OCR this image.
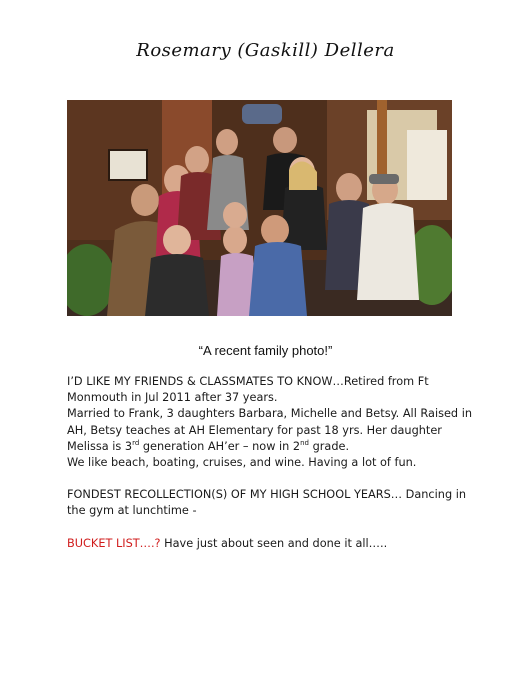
Rosemary (Gaskill) Dellera
“A recent family photo!”

I’D LIKE MY FRIENDS & CLASSMATES TO KNOW…Retired from Ft Monmouth in Jul 2011 after 37 years.

Married to Frank, 3 daughters Barbara, Michelle and Betsy. All Raised in AH, Betsy teaches at AH Elementary for past 18 yrs. Her daughter Melissa is 3rd generation AH’er – now in 2nd grade.

We like beach, boating, cruises, and wine. Having a lot of fun.

FONDEST RECOLLECTION(S) OF MY HIGH SCHOOL YEARS… Dancing in the gym at lunchtime -

BUCKET LIST….? Have just about seen and done it all…..
